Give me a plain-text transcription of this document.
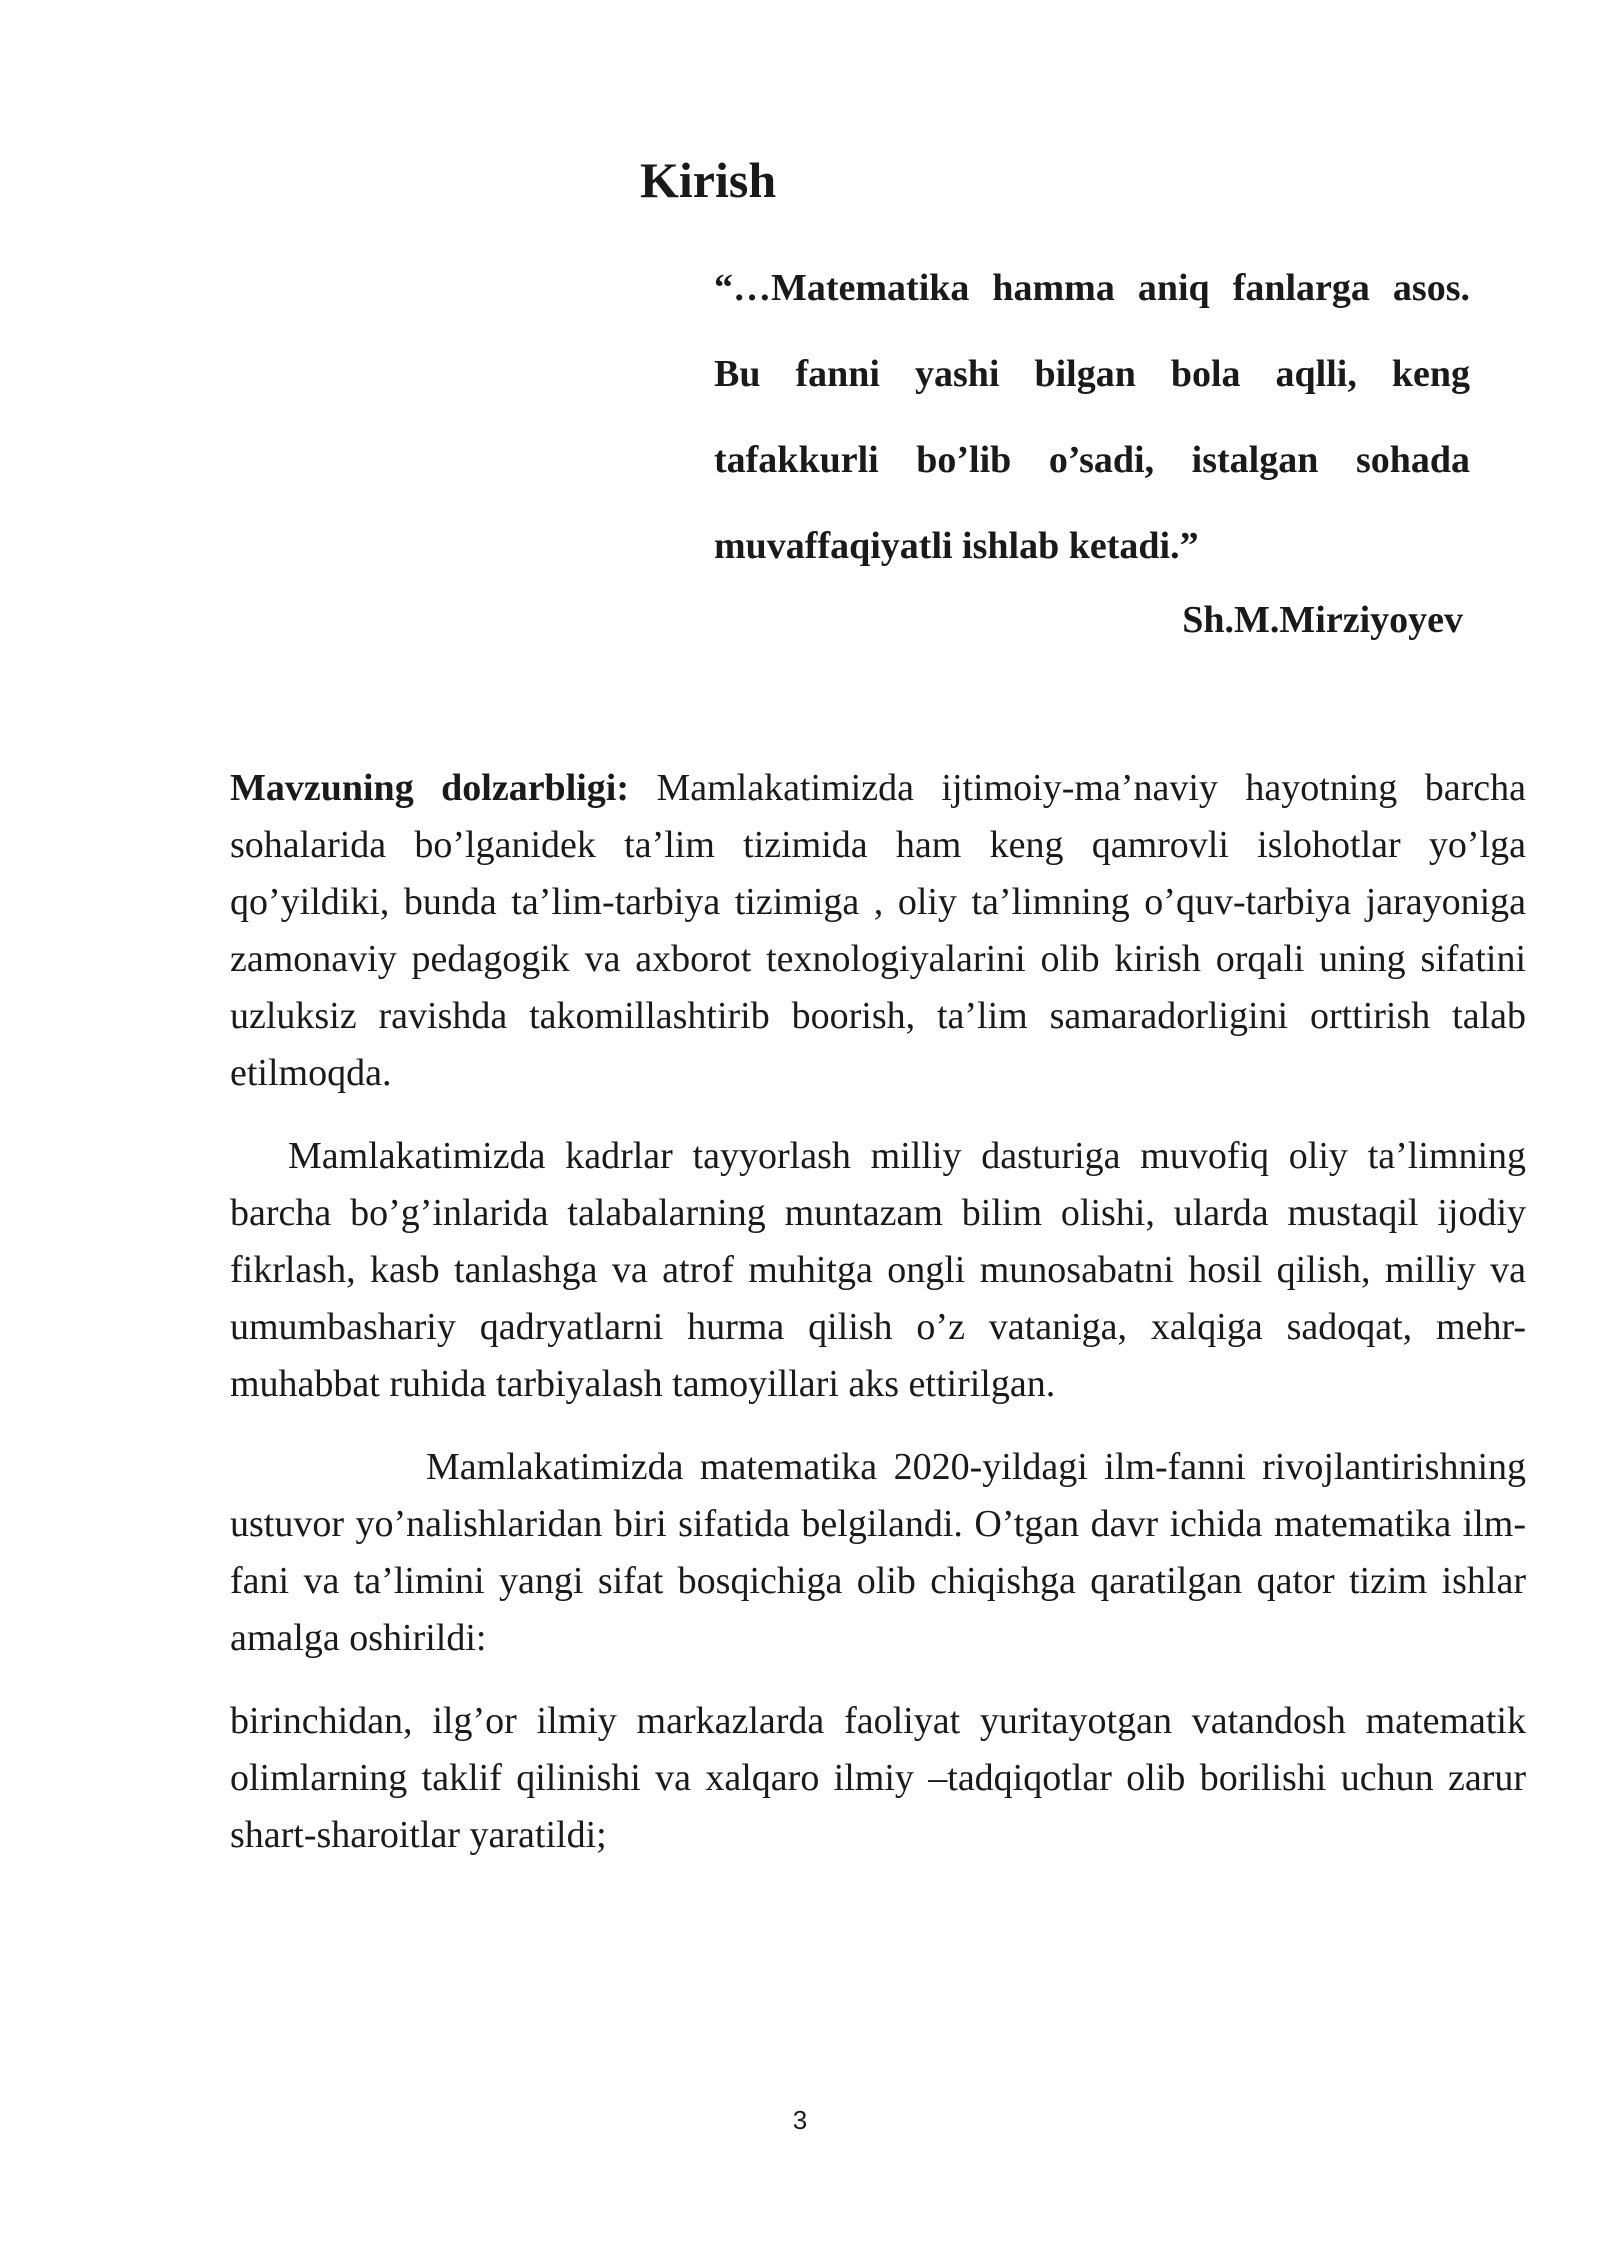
Kirish

“…Matematika hamma aniq fanlarga asos. Bu fanni yashi bilgan bola aqlli, keng tafakkurli bo’lib o’sadi, istalgan sohada muvaffaqiyatli ishlab ketadi.”

Sh.M.Mirziyoyev

Mavzuning dolzarbligi: Mamlakatimizda ijtimoiy-ma’naviy hayotning barcha sohalarida bo’lganidek ta’lim tizimida ham keng qamrovli islohotlar yo’lga qo’yildiki, bunda ta’lim-tarbiya tizimiga , oliy ta’limning o’quv-tarbiya jarayoniga zamonaviy pedagogik va axborot texnologiyalarini olib kirish orqali uning sifatini uzluksiz ravishda takomillashtirib boorish, ta’lim samaradorligini orttirish talab etilmoqda.

Mamlakatimizda kadrlar tayyorlash milliy dasturiga muvofiq oliy ta’limning barcha bo’g’inlarida talabalarning muntazam bilim olishi, ularda mustaqil ijodiy fikrlash, kasb tanlashga va atrof muhitga ongli munosabatni hosil qilish, milliy va umumbashariy qadryatlarni hurma qilish o’z vataniga, xalqiga sadoqat, mehr-muhabbat ruhida tarbiyalash tamoyillari aks ettirilgan.

Mamlakatimizda matematika 2020-yildagi ilm-fanni rivojlantirishning ustuvor yo’nalishlaridan biri sifatida belgilandi. O’tgan davr ichida matematika ilm-fani va ta’limini yangi sifat bosqichiga olib chiqishga qaratilgan qator tizim ishlar amalga oshirildi:

birinchidan, ilg’or ilmiy markazlarda faoliyat yuritayotgan vatandosh matematik olimlarning taklif qilinishi va xalqaro ilmiy –tadqiqotlar olib borilishi uchun zarur shart-sharoitlar yaratildi;

3
